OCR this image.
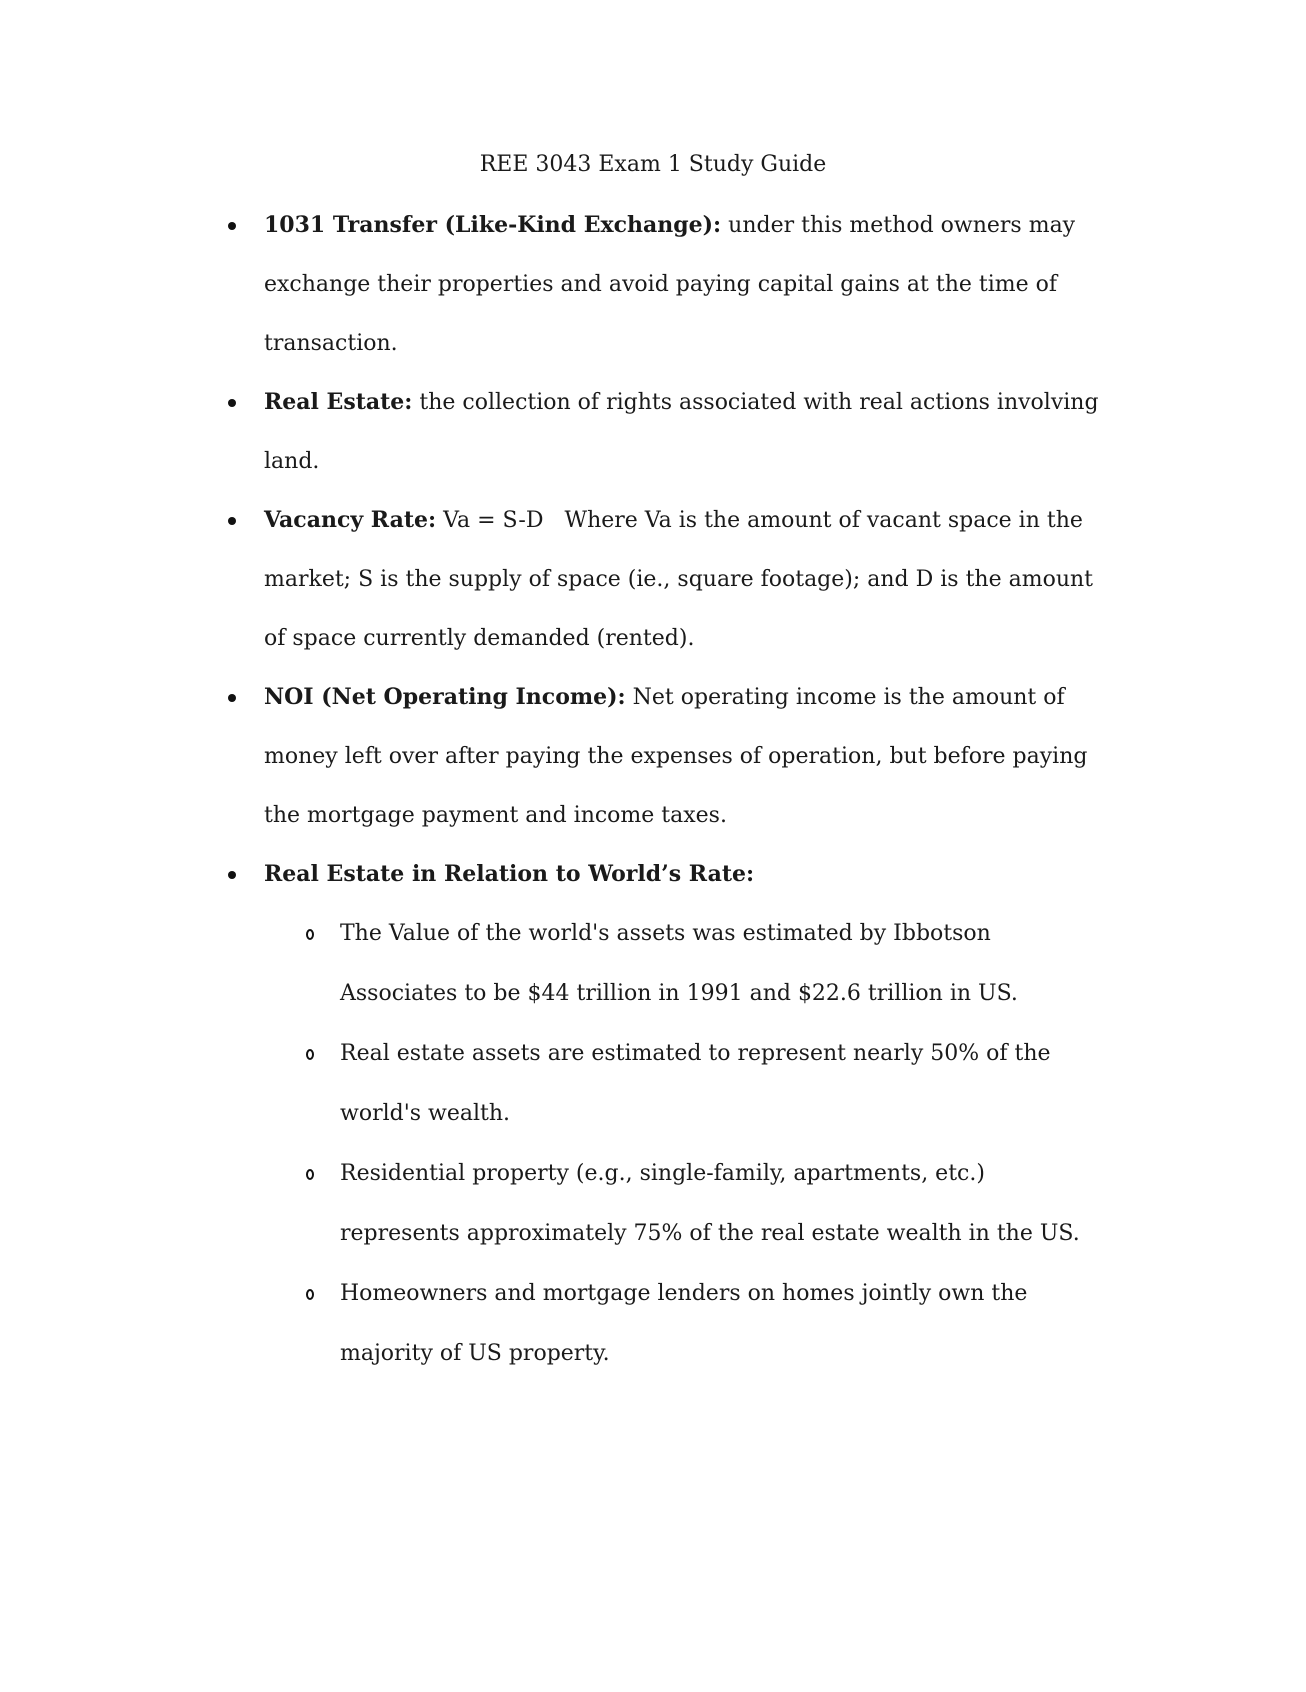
REE 3043 Exam 1 Study Guide
1031 Transfer (Like-Kind Exchange): under this method owners may exchange their properties and avoid paying capital gains at the time of transaction.
Real Estate: the collection of rights associated with real actions involving land.
Vacancy Rate: Va = S-D   Where Va is the amount of vacant space in the market; S is the supply of space (ie., square footage); and D is the amount of space currently demanded (rented).
NOI (Net Operating Income): Net operating income is the amount of money left over after paying the expenses of operation, but before paying the mortgage payment and income taxes.
Real Estate in Relation to World’s Rate:
The Value of the world's assets was estimated by Ibbotson Associates to be $44 trillion in 1991 and $22.6 trillion in US.
Real estate assets are estimated to represent nearly 50% of the world's wealth.
Residential property (e.g., single-family, apartments, etc.) represents approximately 75% of the real estate wealth in the US.
Homeowners and mortgage lenders on homes jointly own the majority of US property.
